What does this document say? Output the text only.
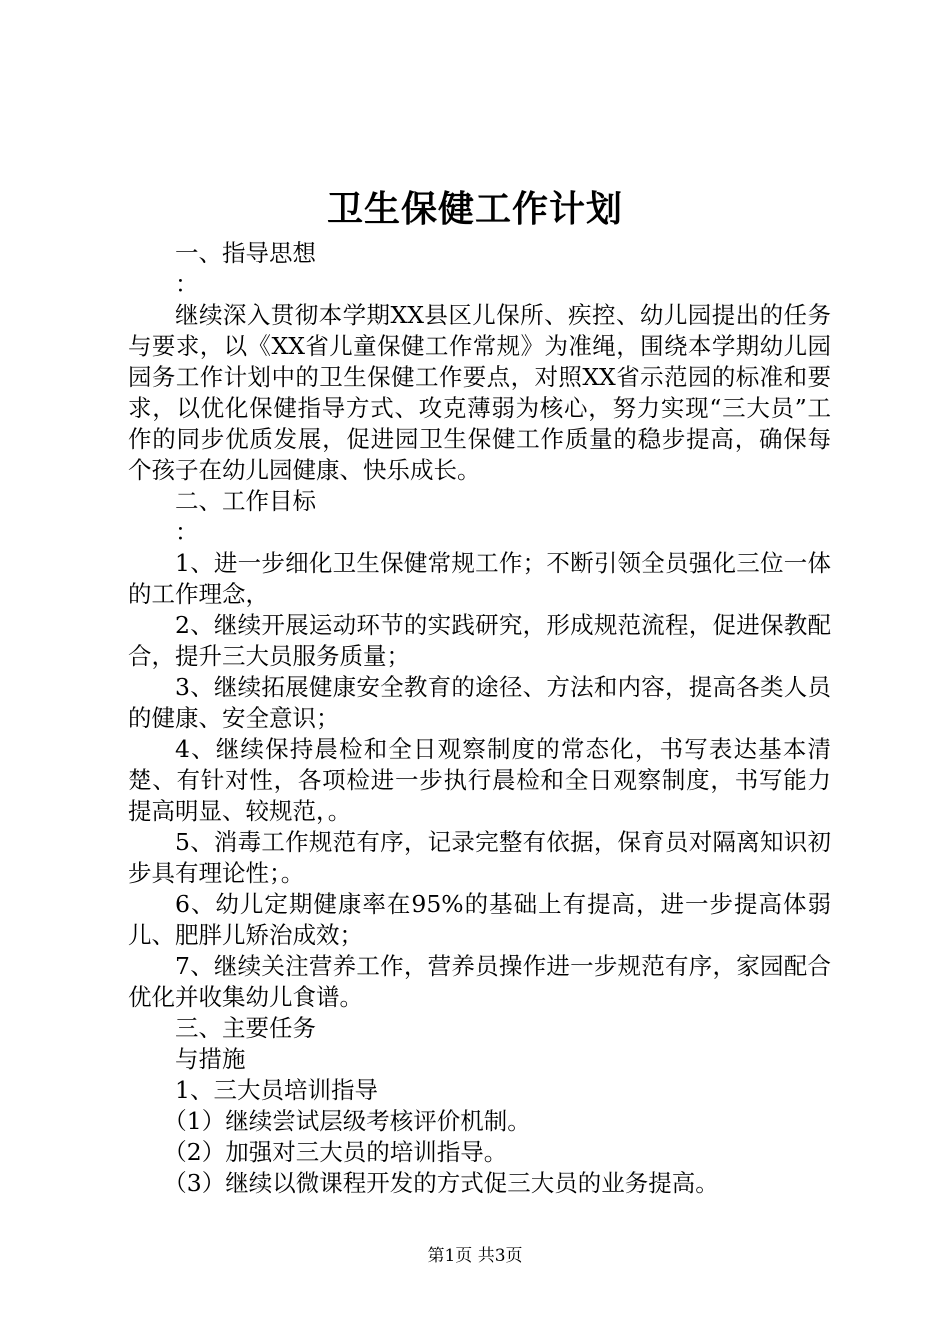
卫生保健工作计划

一、指导思想

：

继续深入贯彻本学期XX县区儿保所、疾控、幼儿园提出的任务与要求，以《XX省儿童保健工作常规》为准绳，围绕本学期幼儿园园务工作计划中的卫生保健工作要点，对照XX省示范园的标准和要求，以优化保健指导方式、攻克薄弱为核心，努力实现“三大员”工作的同步优质发展，促进园卫生保健工作质量的稳步提高，确保每个孩子在幼儿园健康、快乐成长。

二、工作目标

：

1、进一步细化卫生保健常规工作；不断引领全员强化三位一体的工作理念，

2、继续开展运动环节的实践研究，形成规范流程，促进保教配合，提升三大员服务质量；

3、继续拓展健康安全教育的途径、方法和内容，提高各类人员的健康、安全意识；

4、继续保持晨检和全日观察制度的常态化，书写表达基本清楚、有针对性，各项检进一步执行晨检和全日观察制度，书写能力提高明显、较规范，。

5、消毒工作规范有序，记录完整有依据，保育员对隔离知识初步具有理论性；。

6、幼儿定期健康率在95%的基础上有提高，进一步提高体弱儿、肥胖儿矫治成效；

7、继续关注营养工作，营养员操作进一步规范有序，家园配合优化并收集幼儿食谱。

三、主要任务

与措施

1、三大员培训指导

（1）继续尝试层级考核评价机制。

（2）加强对三大员的培训指导。

（3）继续以微课程开发的方式促三大员的业务提高。

第1页 共3页
